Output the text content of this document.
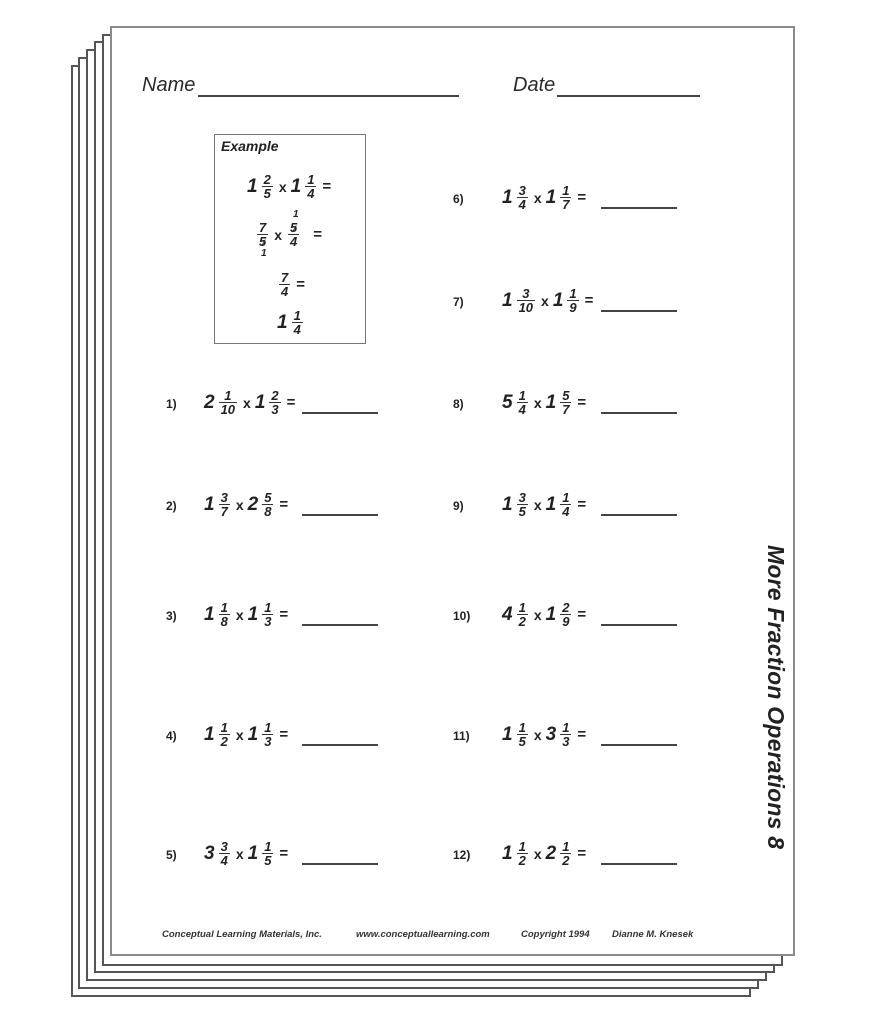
Name	Date
Example
$1 \frac{2}{5}$ x $1 \frac{1}{4}$ =
7
5
1 x 5
1
4 =
$\frac{7}{4}$ =
$1 \frac{1}{4}$
1) $2 \frac{1}{10}$ x $1 \frac{2}{3}$ =
2) $1 \frac{3}{7}$ x $2 \frac{5}{8}$ =
3) $1 \frac{1}{8}$ x $1 \frac{1}{3}$ =
4) $1 \frac{1}{2}$ x $1 \frac{1}{3}$ =
5) $3 \frac{3}{4}$ x $1 \frac{1}{5}$ =
6) $1 \frac{3}{4}$ x $1 \frac{1}{7}$ =
7) $1 \frac{3}{10}$ x $1 \frac{1}{9}$ =
8) $5 \frac{1}{4}$ x $1 \frac{5}{7}$ =
9) $1 \frac{3}{5}$ x $1 \frac{1}{4}$ =
10) $4 \frac{1}{2}$ x $1 \frac{2}{9}$ =
11) $1 \frac{1}{5}$ x $3 \frac{1}{3}$ =
12) $1 \frac{1}{2}$ x $2 \frac{1}{2}$ =
More Fraction Operations 8
Conceptual Learning Materials, Inc.	www.conceptuallearning.com	Copyright 1994 Dianne M. Knesek
